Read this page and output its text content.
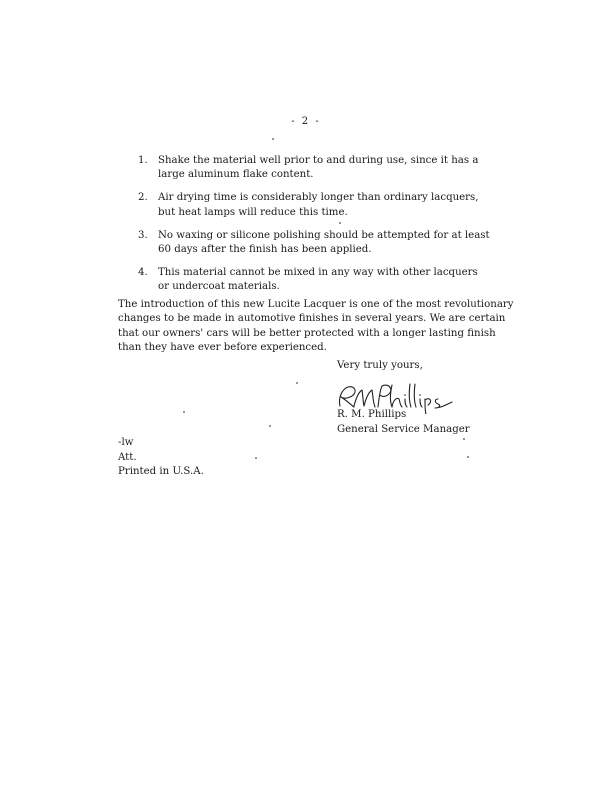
- 2 -
1.	Shake the material well prior to and during use, since it has a
large aluminum flake content.
2.	Air drying time is considerably longer than ordinary lacquers,
but heat lamps will reduce this time.
3.	No waxing or silicone polishing should be attempted for at least
60 days after the finish has been applied.
4.	This material cannot be mixed in any way with other lacquers
or undercoat materials.
The introduction of this new Lucite Lacquer is one of the most revolutionary
changes to be made in automotive finishes in several years. We are certain
that our owners' cars will be better protected with a longer lasting finish
than they have ever before experienced.
Very truly yours,
R. M. Phillips
General Service Manager
-lw
Att.
Printed in U.S.A.
